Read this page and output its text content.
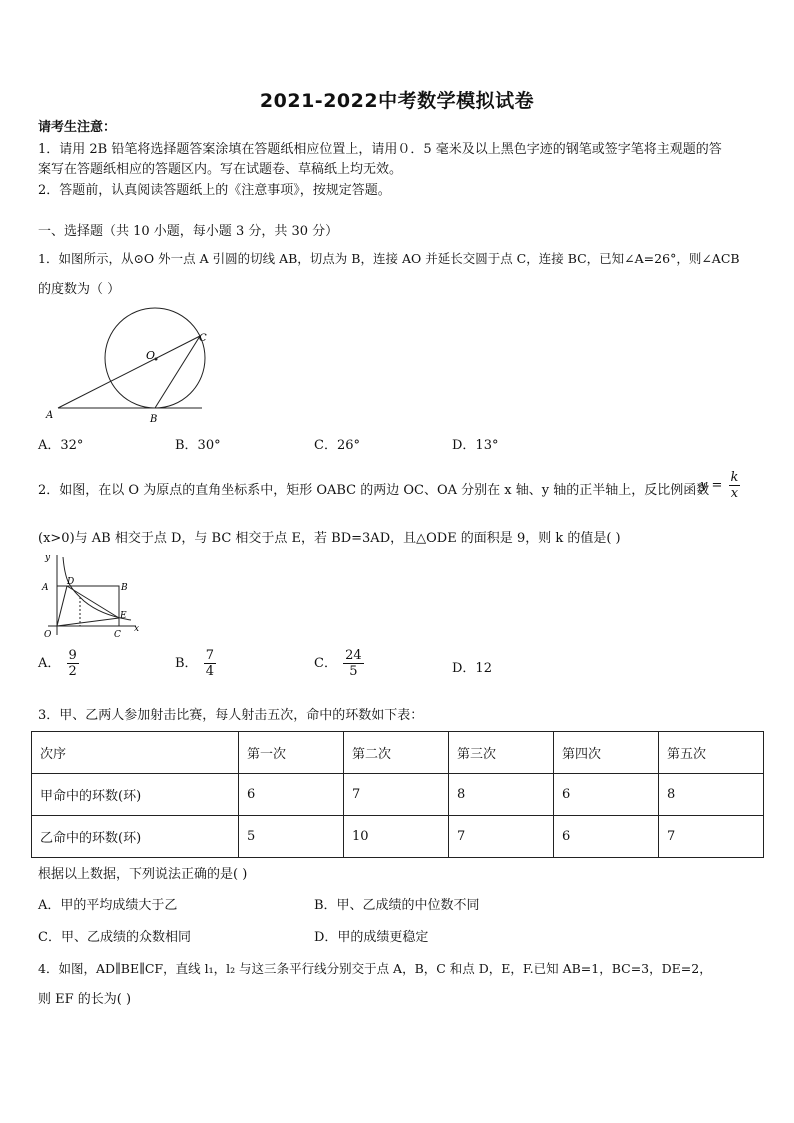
2021-2022中考数学模拟试卷
请考生注意：
1．请用 2B 铅笔将选择题答案涂填在答题纸相应位置上，请用０．5 毫米及以上黑色字迹的钢笔或签字笔将主观题的答
案写在答题纸相应的答题区内。写在试题卷、草稿纸上均无效。
2．答题前，认真阅读答题纸上的《注意事项》，按规定答题。
一、选择题（共 10 小题，每小题 3 分，共 30 分）
1．如图所示，从⊙O 外一点 A 引圆的切线 AB，切点为 B，连接 AO 并延长交圆于点 C，连接 BC，已知∠A=26°，则∠ACB
的度数为（ ）
O
A	B
C
A．32°	B．30°	C．26°	D．13°
2．如图，在以 O 为原点的直角坐标系中，矩形 OABC 的两边 OC、OA 分别在 x 轴、y 轴的正半轴上，反比例函数
$y = \frac{k}{x}$
(x>0)与 AB 相交于点 D，与 BC 相交于点 E，若 BD=3AD，且△ODE 的面积是 9，则 k 的值是( )
y
x
A	B
C
D
E
O
A． $\frac{9}{2}$	B． $\frac{7}{4}$	C． $\frac{24}{5}$	D．12
3．甲、乙两人参加射击比赛，每人射击五次，命中的环数如下表：
次序	第一次	第二次	第三次	第四次	第五次
甲命中的环数(环)	6	7	8	6	8
乙命中的环数(环)	5	10	7	6	7
根据以上数据，下列说法正确的是( )
A．甲的平均成绩大于乙	B．甲、乙成绩的中位数不同
C．甲、乙成绩的众数相同	D．甲的成绩更稳定
4．如图，AD∥BE∥CF，直线 l₁，l₂ 与这三条平行线分别交于点 A，B，C 和点 D，E，F.已知 AB=1，BC=3，DE=2，
则 EF 的长为( )
